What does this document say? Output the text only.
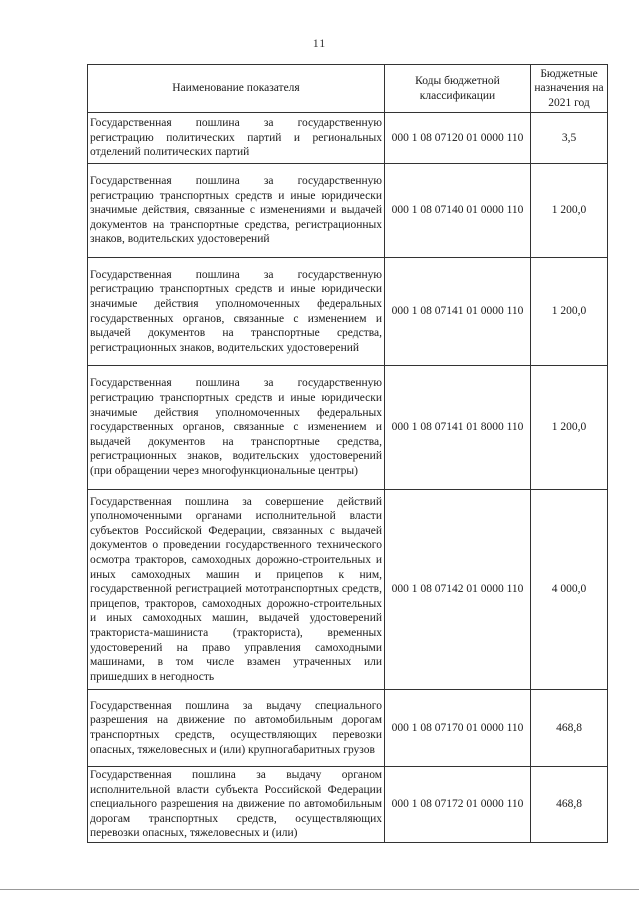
11
Наименование показателя	Коды бюджетной классификации	Бюджетные назначения на 2021 год
Государственная пошлина за государственную регистрацию политических партий и региональных отделений политических партий	000 1 08 07120 01 0000 110	3,5
Государственная пошлина за государственную регистрацию транспортных средств и иные юридически значимые действия, связанные с изменениями и выдачей документов на транспортные средства, регистрационных знаков, водительских удостоверений	000 1 08 07140 01 0000 110	1 200,0
Государственная пошлина за государственную регистрацию транспортных средств и иные юридически значимые действия уполномоченных федеральных государственных органов, связанные с изменением и выдачей документов на транспортные средства, регистрационных знаков, водительских удостоверений	000 1 08 07141 01 0000 110	1 200,0
Государственная пошлина за государственную регистрацию транспортных средств и иные юридически значимые действия уполномоченных федеральных государственных органов, связанные с изменением и выдачей документов на транспортные средства, регистрационных знаков, водительских удостоверений (при обращении через многофункциональные центры)	000 1 08 07141 01 8000 110	1 200,0
Государственная пошлина за совершение действий уполномоченными органами исполнительной власти субъектов Российской Федерации, связанных с выдачей документов о проведении государственного технического осмотра тракторов, самоходных дорожно-строительных и иных самоходных машин и прицепов к ним, государственной регистрацией мототранспортных средств, прицепов, тракторов, самоходных дорожно-строительных и иных самоходных машин, выдачей удостоверений тракториста-машиниста (тракториста), временных удостоверений на право управления самоходными машинами, в том числе взамен утраченных или пришедших в негодность	000 1 08 07142 01 0000 110	4 000,0
Государственная пошлина за выдачу специального разрешения на движение по автомобильным дорогам транспортных средств, осуществляющих перевозки опасных, тяжеловесных и (или) крупногабаритных грузов	000 1 08 07170 01 0000 110	468,8
Государственная пошлина за выдачу органом исполнительной власти субъекта Российской Федерации специального разрешения на движение по автомобильным дорогам транспортных средств, осуществляющих перевозки опасных, тяжеловесных и (или)	000 1 08 07172 01 0000 110	468,8
